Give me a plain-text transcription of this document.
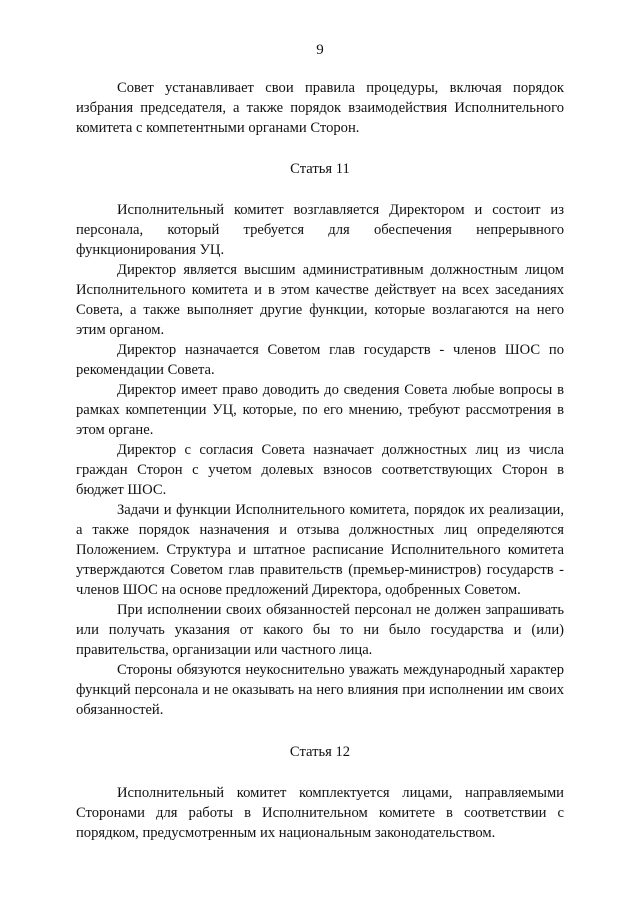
9

Совет устанавливает свои правила процедуры, включая порядок избрания председателя, а также порядок взаимодействия Исполнительного комитета с компетентными органами Сторон.

Статья 11

Исполнительный комитет возглавляется Директором и состоит из персонала, который требуется для обеспечения непрерывного функционирования УЦ.

Директор является высшим административным должностным лицом Исполнительного комитета и в этом качестве действует на всех заседаниях Совета, а также выполняет другие функции, которые возлагаются на него этим органом.

Директор назначается Советом глав государств - членов ШОС по рекомендации Совета.

Директор имеет право доводить до сведения Совета любые вопросы в рамках компетенции УЦ, которые, по его мнению, требуют рассмотрения в этом органе.

Директор с согласия Совета назначает должностных лиц из числа граждан Сторон с учетом долевых взносов соответствующих Сторон в бюджет ШОС.

Задачи и функции Исполнительного комитета, порядок их реализации, а также порядок назначения и отзыва должностных лиц определяются Положением. Структура и штатное расписание Исполнительного комитета утверждаются Советом глав правительств (премьер-министров) государств - членов ШОС на основе предложений Директора, одобренных Советом.

При исполнении своих обязанностей персонал не должен запрашивать или получать указания от какого бы то ни было государства и (или) правительства, организации или частного лица.

Стороны обязуются неукоснительно уважать международный характер функций персонала и не оказывать на него влияния при исполнении им своих обязанностей.

Статья 12

Исполнительный комитет комплектуется лицами, направляемыми Сторонами для работы в Исполнительном комитете в соответствии с порядком, предусмотренным их национальным законодательством.
